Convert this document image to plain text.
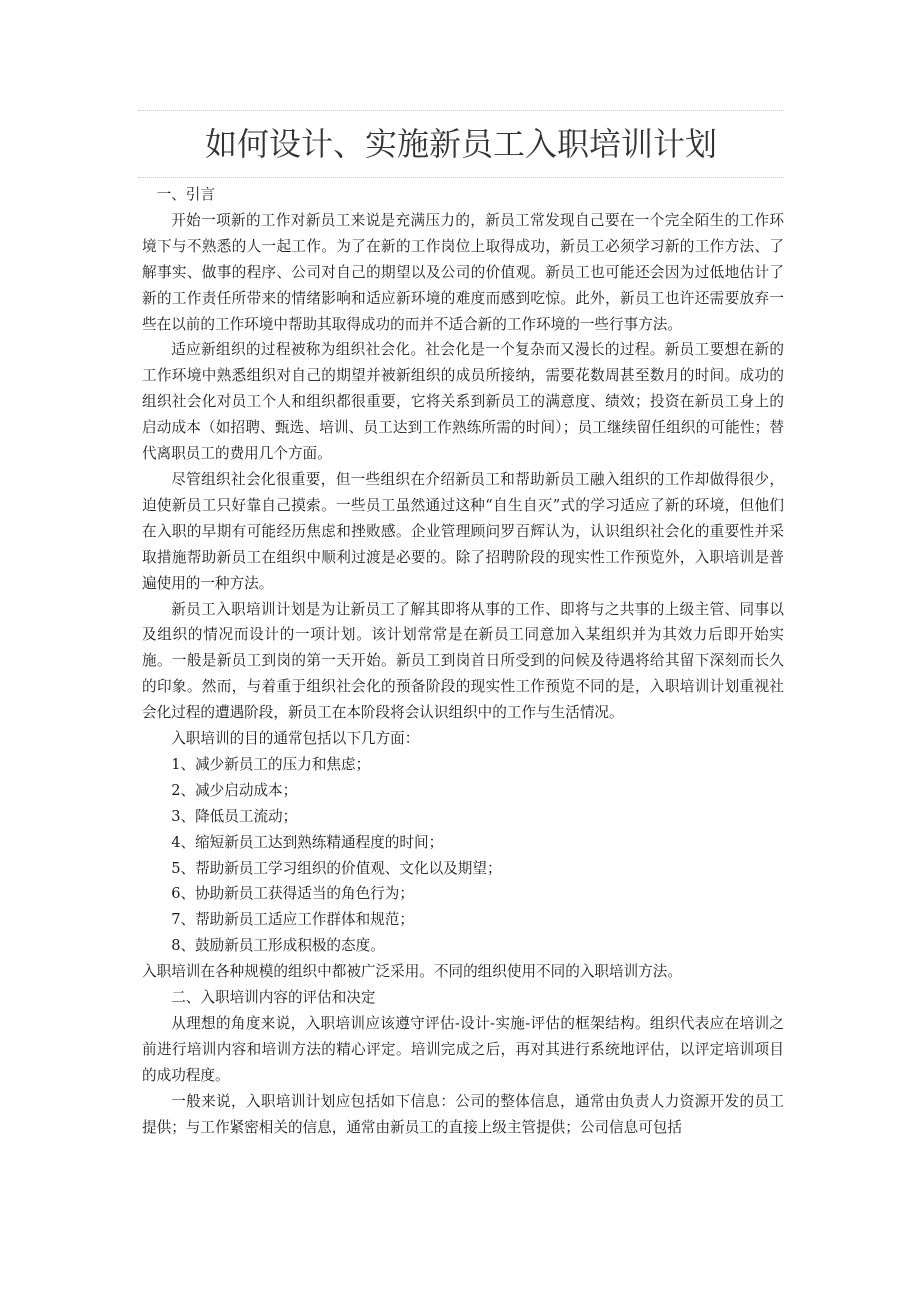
如何设计、实施新员工入职培训计划

一、引言

开始一项新的工作对新员工来说是充满压力的，新员工常发现自己要在一个完全陌生的工作环境下与不熟悉的人一起工作。为了在新的工作岗位上取得成功，新员工必须学习新的工作方法、了解事实、做事的程序、公司对自己的期望以及公司的价值观。新员工也可能还会因为过低地估计了新的工作责任所带来的情绪影响和适应新环境的难度而感到吃惊。此外，新员工也许还需要放弃一些在以前的工作环境中帮助其取得成功的而并不适合新的工作环境的一些行事方法。

适应新组织的过程被称为组织社会化。社会化是一个复杂而又漫长的过程。新员工要想在新的工作环境中熟悉组织对自己的期望并被新组织的成员所接纳，需要花数周甚至数月的时间。成功的组织社会化对员工个人和组织都很重要，它将关系到新员工的满意度、绩效；投资在新员工身上的启动成本（如招聘、甄选、培训、员工达到工作熟练所需的时间）；员工继续留任组织的可能性；替代离职员工的费用几个方面。

尽管组织社会化很重要，但一些组织在介绍新员工和帮助新员工融入组织的工作却做得很少，迫使新员工只好靠自己摸索。一些员工虽然通过这种“自生自灭”式的学习适应了新的环境，但他们在入职的早期有可能经历焦虑和挫败感。企业管理顾问罗百辉认为，认识组织社会化的重要性并采取措施帮助新员工在组织中顺利过渡是必要的。除了招聘阶段的现实性工作预览外，入职培训是普遍使用的一种方法。

新员工入职培训计划是为让新员工了解其即将从事的工作、即将与之共事的上级主管、同事以及组织的情况而设计的一项计划。该计划常常是在新员工同意加入某组织并为其效力后即开始实施。一般是新员工到岗的第一天开始。新员工到岗首日所受到的问候及待遇将给其留下深刻而长久的印象。然而，与着重于组织社会化的预备阶段的现实性工作预览不同的是，入职培训计划重视社会化过程的遭遇阶段，新员工在本阶段将会认识组织中的工作与生活情况。

入职培训的目的通常包括以下几方面：

1、减少新员工的压力和焦虑；
2、减少启动成本；
3、降低员工流动；
4、缩短新员工达到熟练精通程度的时间；
5、帮助新员工学习组织的价值观、文化以及期望；
6、协助新员工获得适当的角色行为；
7、帮助新员工适应工作群体和规范；
8、鼓励新员工形成积极的态度。

入职培训在各种规模的组织中都被广泛采用。不同的组织使用不同的入职培训方法。

二、入职培训内容的评估和决定

从理想的角度来说，入职培训应该遵守评估-设计-实施-评估的框架结构。组织代表应在培训之前进行培训内容和培训方法的精心评定。培训完成之后，再对其进行系统地评估，以评定培训项目的成功程度。

一般来说，入职培训计划应包括如下信息：公司的整体信息，通常由负责人力资源开发的员工提供；与工作紧密相关的信息，通常由新员工的直接上级主管提供；公司信息可包括
